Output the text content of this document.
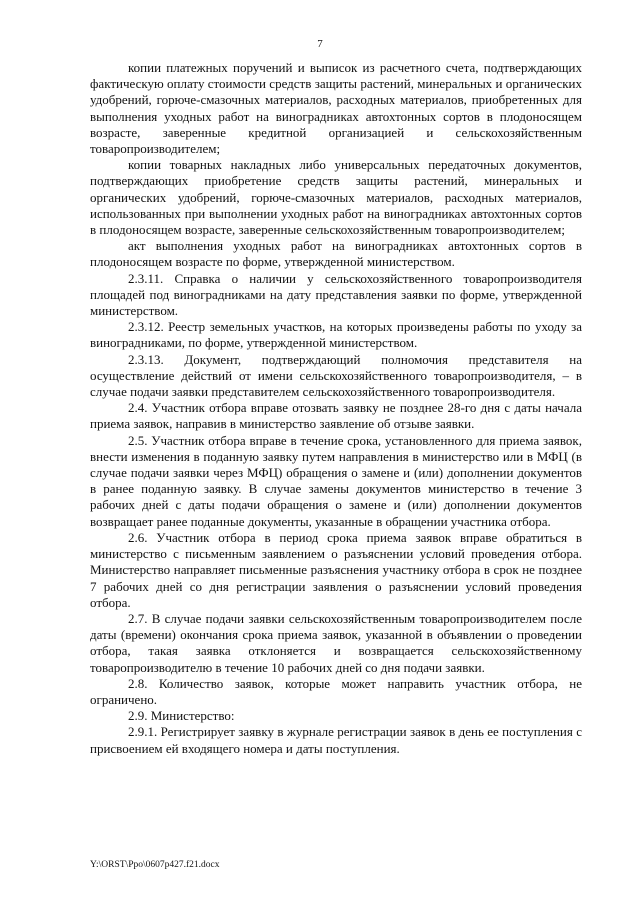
7

копии платежных поручений и выписок из расчетного счета, подтверждающих фактическую оплату стоимости средств защиты растений, минеральных и органических удобрений, горюче-смазочных материалов, расходных материалов, приобретенных для выполнения уходных работ на виноградниках автохтонных сортов в плодоносящем возрасте, заверенные кредитной организацией и сельскохозяйственным товаропроизводителем;

копии товарных накладных либо универсальных передаточных документов, подтверждающих приобретение средств защиты растений, минеральных и органических удобрений, горюче-смазочных материалов, расходных материалов, использованных при выполнении уходных работ на виноградниках автохтонных сортов в плодоносящем возрасте, заверенные сельскохозяйственным товаропроизводителем;

акт выполнения уходных работ на виноградниках автохтонных сортов в плодоносящем возрасте по форме, утвержденной министерством.

2.3.11. Справка о наличии у сельскохозяйственного товаропроизводителя площадей под виноградниками на дату представления заявки по форме, утвержденной министерством.

2.3.12. Реестр земельных участков, на которых произведены работы по уходу за виноградниками, по форме, утвержденной министерством.

2.3.13. Документ, подтверждающий полномочия представителя на осуществление действий от имени сельскохозяйственного товаропроизводителя, – в случае подачи заявки представителем сельскохозяйственного товаропроизводителя.

2.4. Участник отбора вправе отозвать заявку не позднее 28-го дня с даты начала приема заявок, направив в министерство заявление об отзыве заявки.

2.5. Участник отбора вправе в течение срока, установленного для приема заявок, внести изменения в поданную заявку путем направления в министерство или в МФЦ (в случае подачи заявки через МФЦ) обращения о замене и (или) дополнении документов в ранее поданную заявку. В случае замены документов министерство в течение 3 рабочих дней с даты подачи обращения о замене и (или) дополнении документов возвращает ранее поданные документы, указанные в обращении участника отбора.

2.6. Участник отбора в период срока приема заявок вправе обратиться в министерство с письменным заявлением о разъяснении условий проведения отбора. Министерство направляет письменные разъяснения участнику отбора в срок не позднее 7 рабочих дней со дня регистрации заявления о разъяснении условий проведения отбора.

2.7. В случае подачи заявки сельскохозяйственным товаропроизводителем после даты (времени) окончания срока приема заявок, указанной в объявлении о проведении отбора, такая заявка отклоняется и возвращается сельскохозяйственному товаропроизводителю в течение 10 рабочих дней со дня подачи заявки.

2.8. Количество заявок, которые может направить участник отбора, не ограничено.

2.9. Министерство:

2.9.1. Регистрирует заявку в журнале регистрации заявок в день ее поступления с присвоением ей входящего номера и даты поступления.

Y:\ORST\Ppo\0607p427.f21.docx
